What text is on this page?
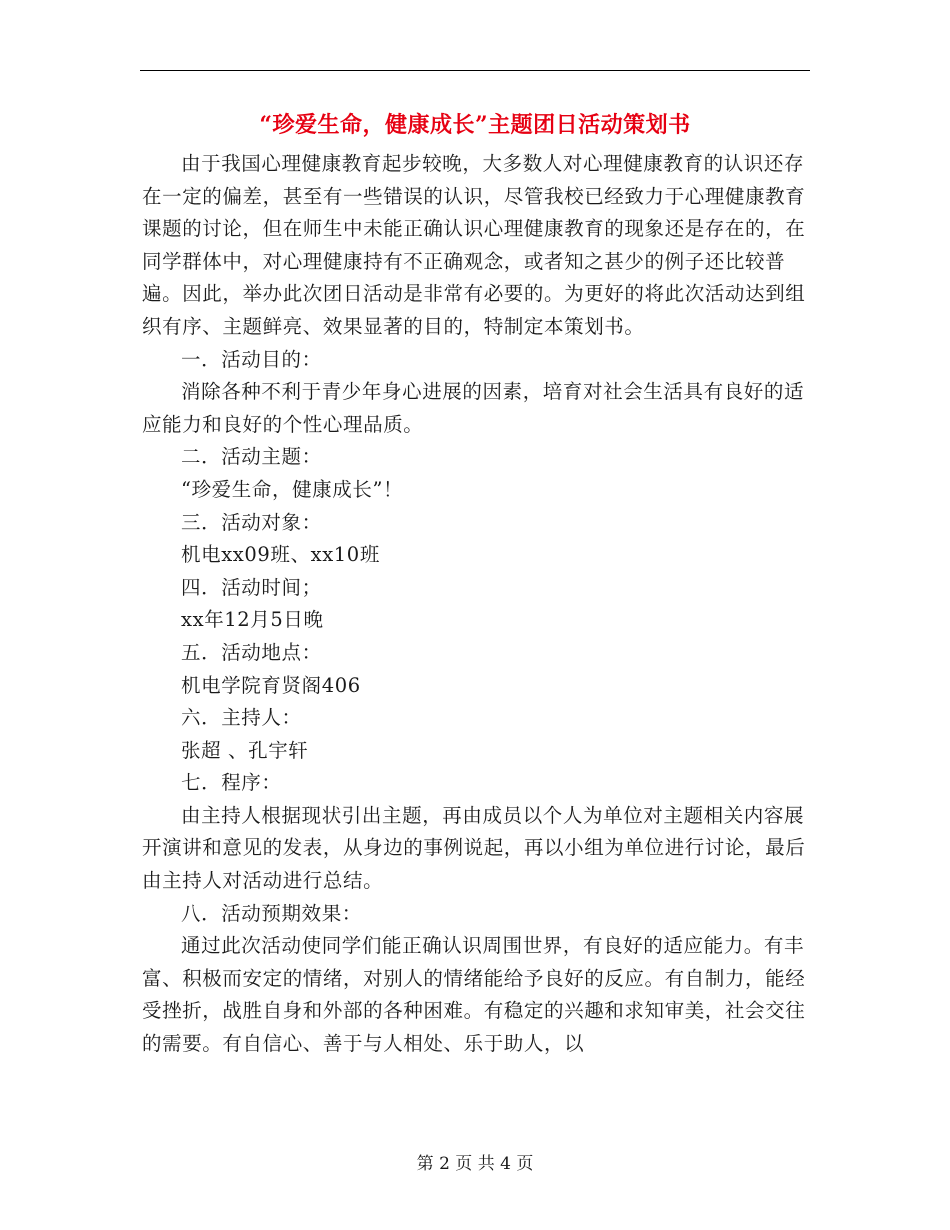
“珍爱生命，健康成长”主题团日活动策划书

由于我国心理健康教育起步较晚，大多数人对心理健康教育的认识还存在一定的偏差，甚至有一些错误的认识，尽管我校已经致力于心理健康教育课题的讨论，但在师生中未能正确认识心理健康教育的现象还是存在的，在同学群体中，对心理健康持有不正确观念，或者知之甚少的例子还比较普遍。因此，举办此次团日活动是非常有必要的。为更好的将此次活动达到组织有序、主题鲜亮、效果显著的目的，特制定本策划书。

一．活动目的：

消除各种不利于青少年身心进展的因素，培育对社会生活具有良好的适应能力和良好的个性心理品质。

二．活动主题：

“珍爱生命，健康成长”！

三．活动对象：

机电xx09班、xx10班

四．活动时间；

xx年12月5日晚

五．活动地点：

机电学院育贤阁406

六．主持人：

张超 、孔宇轩

七．程序：

由主持人根据现状引出主题，再由成员以个人为单位对主题相关内容展开演讲和意见的发表，从身边的事例说起，再以小组为单位进行讨论，最后由主持人对活动进行总结。

八．活动预期效果：

通过此次活动使同学们能正确认识周围世界，有良好的适应能力。有丰富、积极而安定的情绪，对别人的情绪能给予良好的反应。有自制力，能经受挫折，战胜自身和外部的各种困难。有稳定的兴趣和求知审美，社会交往的需要。有自信心、善于与人相处、乐于助人，以

第 2 页 共 4 页
